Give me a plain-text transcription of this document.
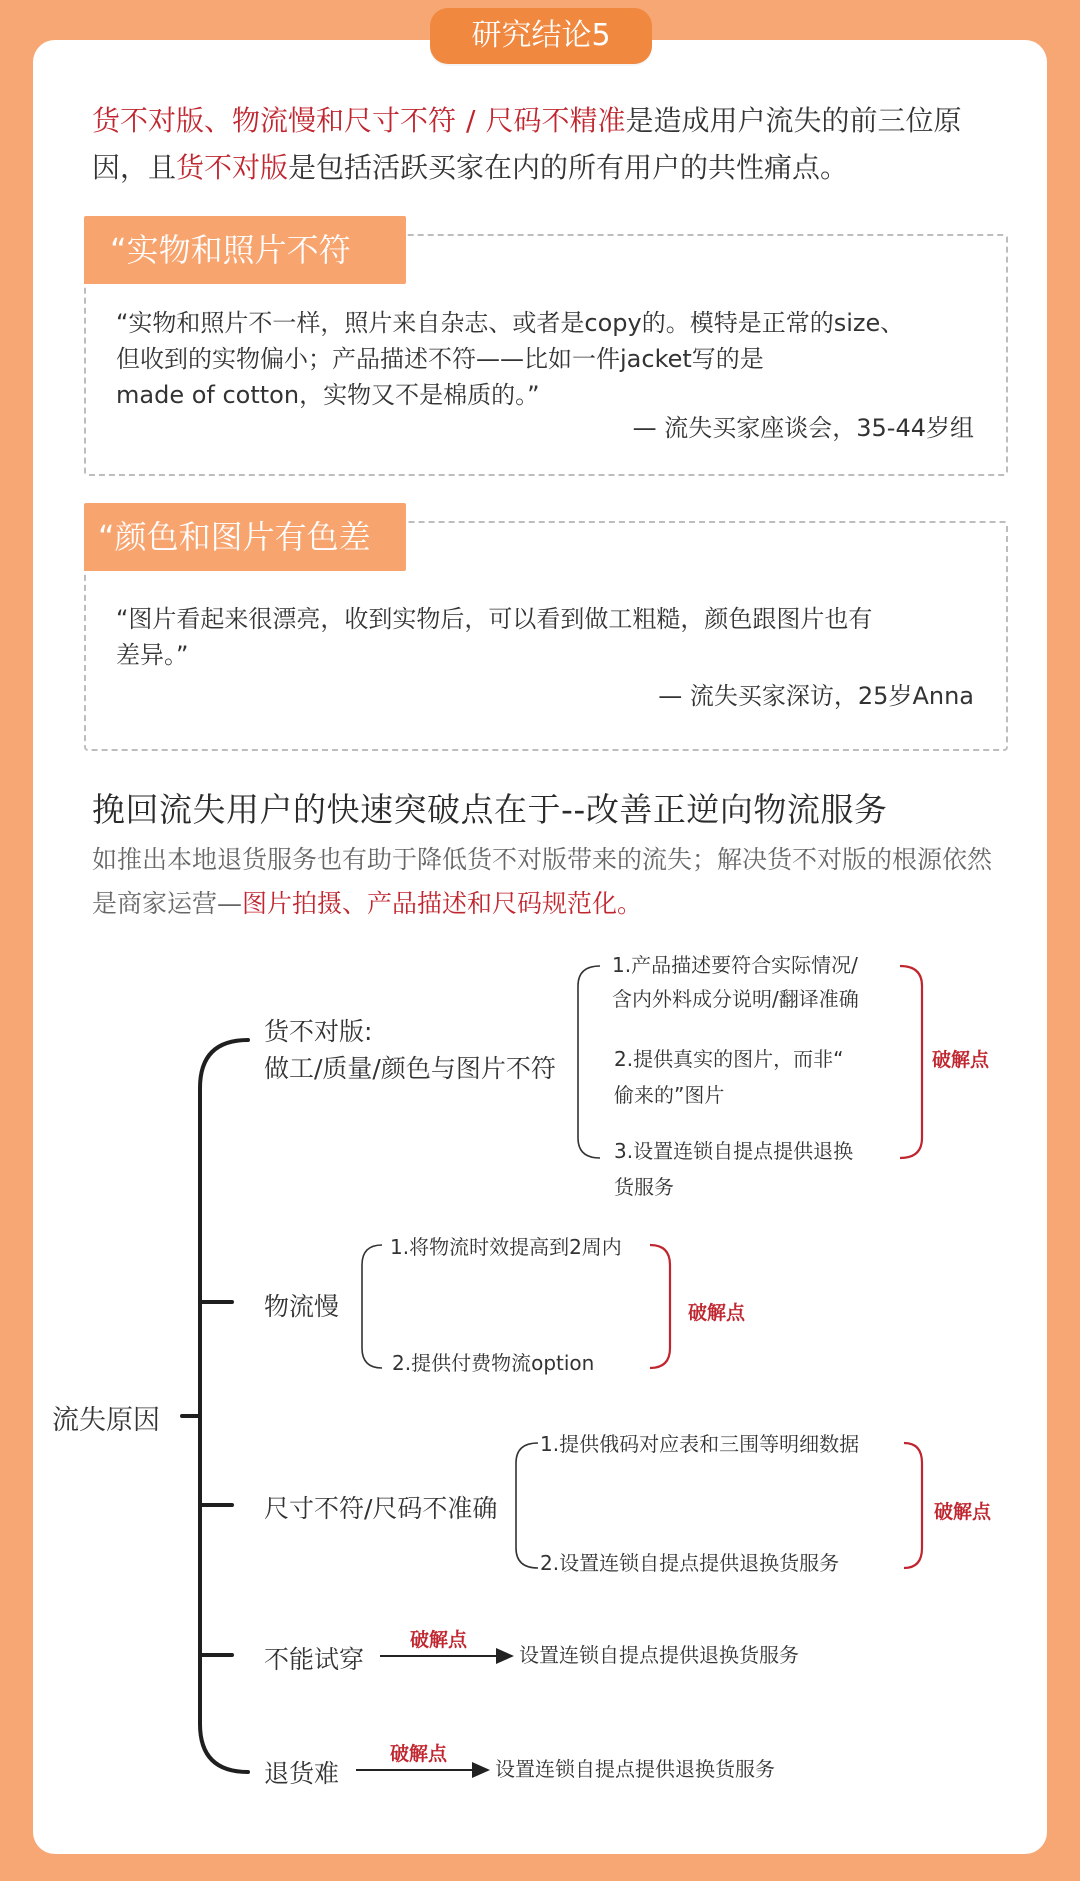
研究结论5
货不对版、物流慢和尺寸不符 / 尺码不精准是造成用户流失的前三位原因，且货不对版是包括活跃买家在内的所有用户的共性痛点。
“实物和照片不符
“实物和照片不一样，照片来自杂志、或者是copy的。模特是正常的size、
但收到的实物偏小；产品描述不符——比如一件jacket写的是
made of cotton，实物又不是棉质的。”
— 流失买家座谈会，35-44岁组
“颜色和图片有色差
“图片看起来很漂亮，收到实物后，可以看到做工粗糙，颜色跟图片也有
差异。”
— 流失买家深访，25岁Anna
挽回流失用户的快速突破点在于--改善正逆向物流服务
如推出本地退货服务也有助于降低货不对版带来的流失；解决货不对版的根源依然是商家运营—图片拍摄、产品描述和尺码规范化。
流失原因
货不对版:
做工/质量/颜色与图片不符
1.产品描述要符合实际情况/
含内外料成分说明/翻译准确
2.提供真实的图片，而非“
偷来的”图片
3.设置连锁自提点提供退换
货服务
破解点
物流慢
1.将物流时效提高到2周内
2.提供付费物流option
破解点
尺寸不符/尺码不准确
1.提供俄码对应表和三围等明细数据
2.设置连锁自提点提供退换货服务
破解点
不能试穿
破解点
设置连锁自提点提供退换货服务
退货难
破解点
设置连锁自提点提供退换货服务
